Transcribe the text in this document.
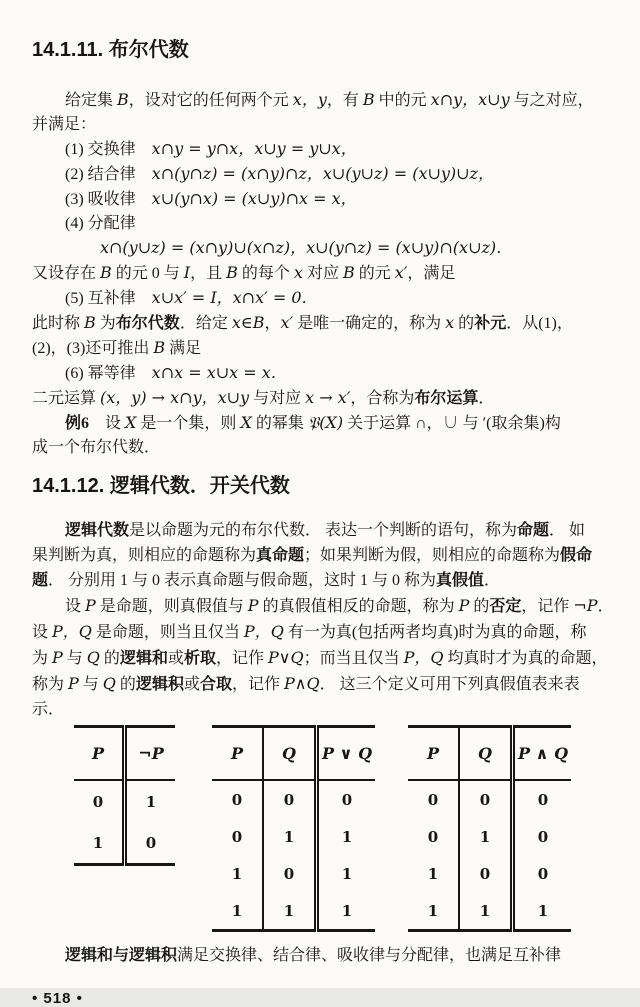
14.1.11. 布尔代数
给定集 B，设对它的任何两个元 x，y，有 B 中的元 x∩y，x∪y 与之对应，
并满足：
(1) 交换律　x∩y = y∩x，x∪y = y∪x，
(2) 结合律　x∩(y∩z) = (x∩y)∩z，x∪(y∪z) = (x∪y)∪z，
(3) 吸收律　x∪(y∩x) = (x∪y)∩x = x，
(4) 分配律
x∩(y∪z) = (x∩y)∪(x∩z)，x∪(y∩z) = (x∪y)∩(x∪z)．
又设存在 B 的元 0 与 I，且 B 的每个 x 对应 B 的元 x′，满足
(5) 互补律　x∪x′ = I，x∩x′ = 0．
此时称 B 为布尔代数．给定 x∈B，x′ 是唯一确定的，称为 x 的补元．从(1)，
(2)，(3)还可推出 B 满足
(6) 幂等律　x∩x = x∪x = x．
二元运算 (x，y) → x∩y，x∪y 与对应 x → x′，合称为布尔运算．
例6　设 X 是一个集，则 X 的幂集 𝔓(X) 关于运算 ∩，∪ 与 ′(取余集)构
成一个布尔代数．
14.1.12. 逻辑代数．开关代数
逻辑代数是以命题为元的布尔代数． 表达一个判断的语句，称为命题． 如
果判断为真，则相应的命题称为真命题；如果判断为假，则相应的命题称为假命
题． 分别用 1 与 0 表示真命题与假命题，这时 1 与 0 称为真假值．
设 P 是命题，则真假值与 P 的真假值相反的命题，称为 P 的否定，记作 ¬P．
设 P，Q 是命题，则当且仅当 P，Q 有一为真(包括两者均真)时为真的命题，称
为 P 与 Q 的逻辑和或析取，记作 P∨Q；而当且仅当 P，Q 均真时才为真的命题，
称为 P 与 Q 的逻辑积或合取，记作 P∧Q． 这三个定义可用下列真假值表来表
示．
P	¬P
0	1
1	0
P	Q	P ∨ Q
0	0	0
0	1	1
1	0	1
1	1	1
P	Q	P ∧ Q
0	0	0
0	1	0
1	0	0
1	1	1
逻辑和与逻辑积满足交换律、结合律、吸收律与分配律，也满足互补律
• 518 •
